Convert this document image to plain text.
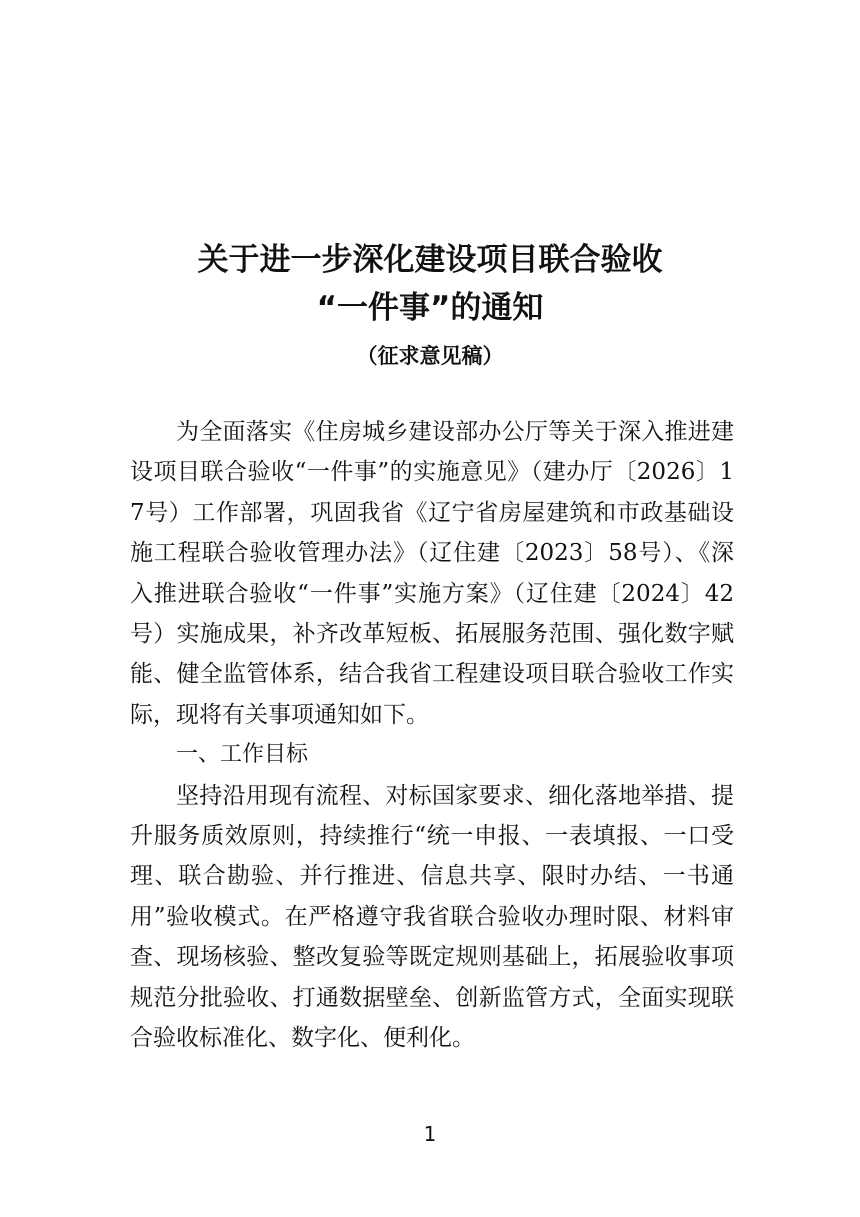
关于进一步深化建设项目联合验收
“一件事”的通知
（征求意见稿）

为全面落实《住房城乡建设部办公厅等关于深入推进建设项目联合验收“一件事”的实施意见》（建办厅〔2026〕17号）工作部署，巩固我省《辽宁省房屋建筑和市政基础设施工程联合验收管理办法》（辽住建〔2023〕58号）、《深入推进联合验收“一件事”实施方案》（辽住建〔2024〕42号）实施成果，补齐改革短板、拓展服务范围、强化数字赋能、健全监管体系，结合我省工程建设项目联合验收工作实际，现将有关事项通知如下。

一、工作目标

坚持沿用现有流程、对标国家要求、细化落地举措、提升服务质效原则，持续推行“统一申报、一表填报、一口受理、联合勘验、并行推进、信息共享、限时办结、一书通用”验收模式。在严格遵守我省联合验收办理时限、材料审查、现场核验、整改复验等既定规则基础上，拓展验收事项规范分批验收、打通数据壁垒、创新监管方式，全面实现联合验收标准化、数字化、便利化。

1
